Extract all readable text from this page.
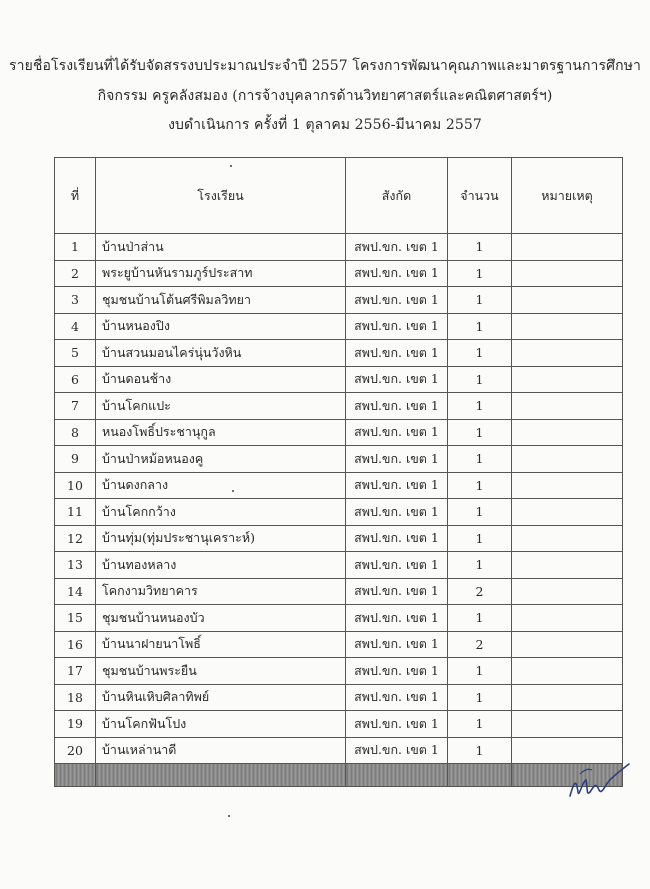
รายชื่อโรงเรียนที่ได้รับจัดสรรงบประมาณประจำปี 2557 โครงการพัฒนาคุณภาพและมาตรฐานการศึกษา
กิจกรรม ครูคลังสมอง (การจ้างบุคลากรด้านวิทยาศาสตร์และคณิตศาสตร์ฯ)
งบดำเนินการ ครั้งที่ 1 ตุลาคม 2556-มีนาคม 2557
ที่	โรงเรียน	สังกัด	จำนวน	หมายเหตุ
1	บ้านป่าส่าน	สพป.ขก. เขต 1	1	
2	พระยูบ้านหันรามภูร์ประสาท	สพป.ขก. เขต 1	1	
3	ชุมชนบ้านโต้นศรีพิมลวิทยา	สพป.ขก. เขต 1	1	
4	บ้านหนองปิง	สพป.ขก. เขต 1	1	
5	บ้านสวนมอนไคร่นุ่นวังหิน	สพป.ขก. เขต 1	1	
6	บ้านดอนช้าง	สพป.ขก. เขต 1	1	
7	บ้านโคกแปะ	สพป.ขก. เขต 1	1	
8	หนองโพธิ์ประชานุกูล	สพป.ขก. เขต 1	1	
9	บ้านป่าหม้อหนองคู	สพป.ขก. เขต 1	1	
10	บ้านดงกลาง	สพป.ขก. เขต 1	1	
11	บ้านโคกกว้าง	สพป.ขก. เขต 1	1	
12	บ้านทุ่ม(ทุ่มประชานุเคราะห์)	สพป.ขก. เขต 1	1	
13	บ้านทองหลาง	สพป.ขก. เขต 1	1	
14	โคกงามวิทยาคาร	สพป.ขก. เขต 1	2	
15	ชุมชนบ้านหนองบัว	สพป.ขก. เขต 1	1	
16	บ้านนาฝายนาโพธิ์	สพป.ขก. เขต 1	2	
17	ชุมชนบ้านพระยืน	สพป.ขก. เขต 1	1	
18	บ้านหินเหิบศิลาทิพย์	สพป.ขก. เขต 1	1	
19	บ้านโคกฟันโปง	สพป.ขก. เขต 1	1	
20	บ้านเหล่านาดี	สพป.ขก. เขต 1	1	
